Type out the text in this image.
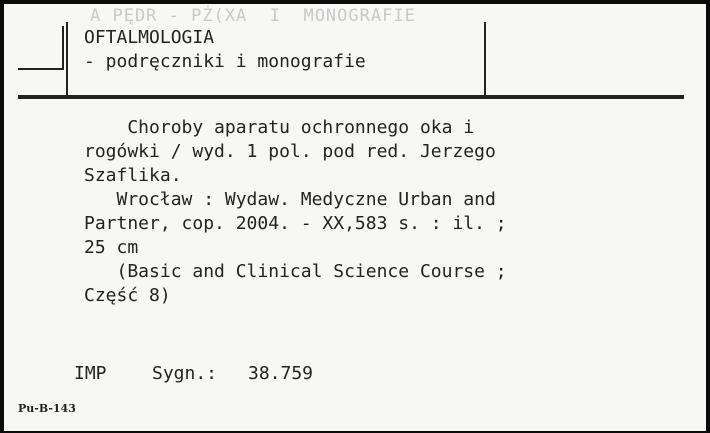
A PĘDR - PŻ(XA  I  MONOGRAFIE
OFTALMOLOGIA
- podręczniki i monografie
Choroby aparatu ochronnego oka i
rogówki / wyd. 1 pol. pod red. Jerzego
Szaflika.
Wrocław : Wydaw. Medyczne Urban and
Partner, cop. 2004. - XX,583 s. : il. ;
25 cm
(Basic and Clinical Science Course ;
Część 8)
IMP	Sygn.: 38.759
Pu-B-143
